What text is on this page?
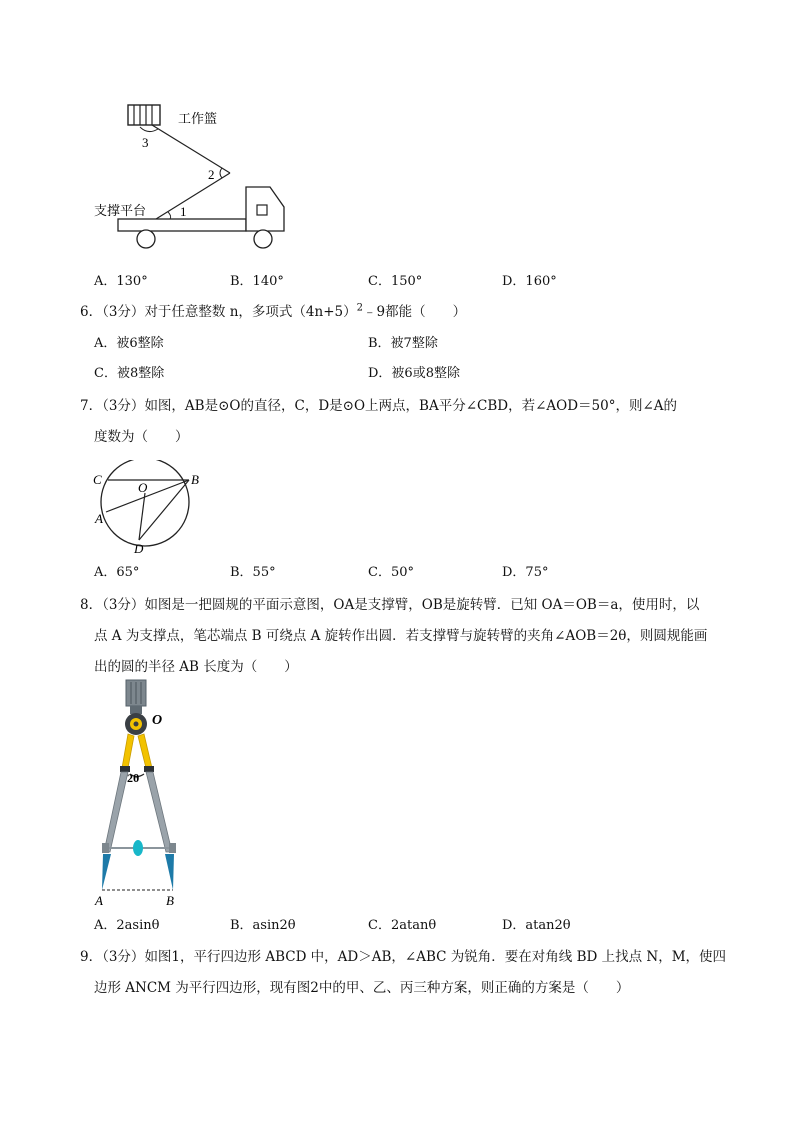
工作篮
支撑平台
3
2
1
A．130°	B．140°	C．150°	D．160°
6．（3分）对于任意整数 n，多项式$(4n+5)^2﹣9$都能（　　）
A．被6整除	B．被7整除
C．被8整除	D．被6或8整除
7．（3分）如图，AB是⊙O的直径，C，D是⊙O上两点，BA平分∠CBD，若∠AOD＝50°，则∠A的
度数为（　　）
C
O
B
A
D
A．65°	B．55°	C．50°	D．75°
8．（3分）如图是一把圆规的平面示意图，OA是支撑臂，OB是旋转臂．已知 OA＝OB＝a，使用时，以
点 A 为支撑点，笔芯端点 B 可绕点 A 旋转作出圆．若支撑臂与旋转臂的夹角∠AOB＝2θ，则圆规能画
出的圆的半径 AB 长度为（　　）
O
2θ
A	B
A．2asinθ	B．asin2θ	C．2atanθ	D．atan2θ
9．（3分）如图1，平行四边形 ABCD 中，AD＞AB，∠ABC 为锐角．要在对角线 BD 上找点 N，M，使四
边形 ANCM 为平行四边形，现有图2中的甲、乙、丙三种方案，则正确的方案是（　　）
